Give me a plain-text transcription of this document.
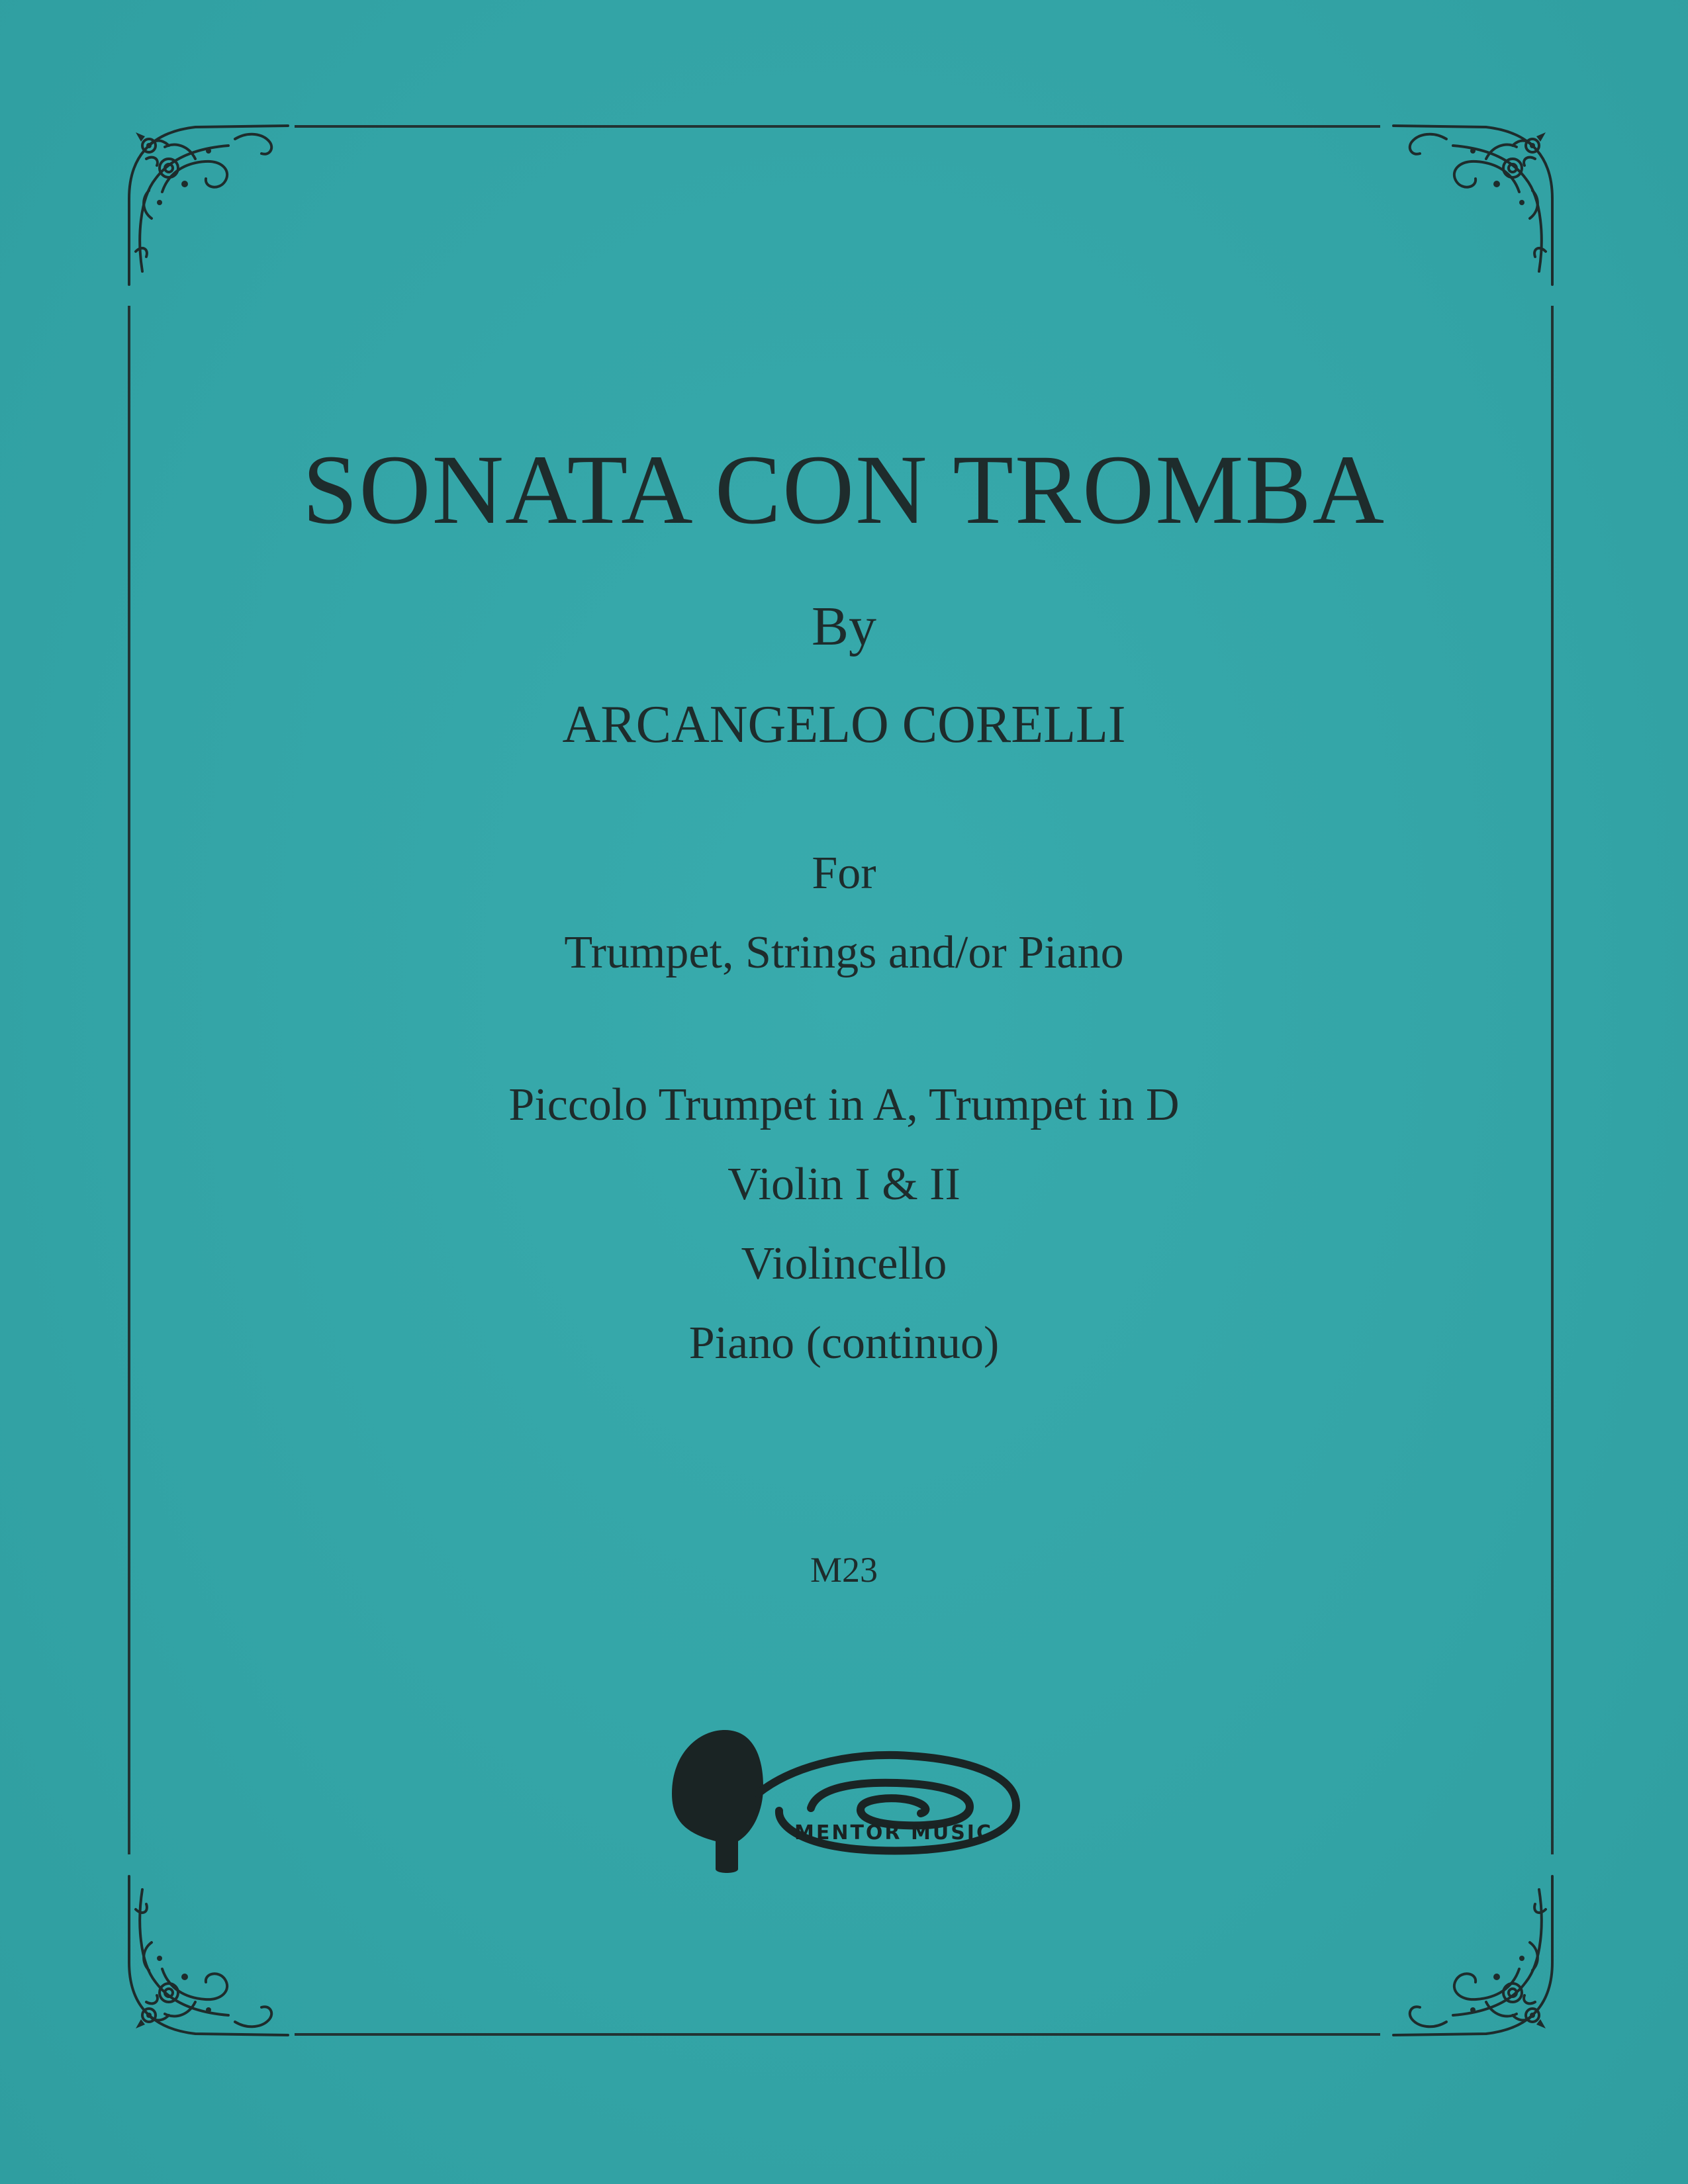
SONATA CON TROMBA
By
ARCANGELO CORELLI
For
Trumpet, Strings and/or Piano
Piccolo Trumpet in A, Trumpet in D
Violin I & II
Violincello
Piano (continuo)
M23
MENTOR MUSIC
